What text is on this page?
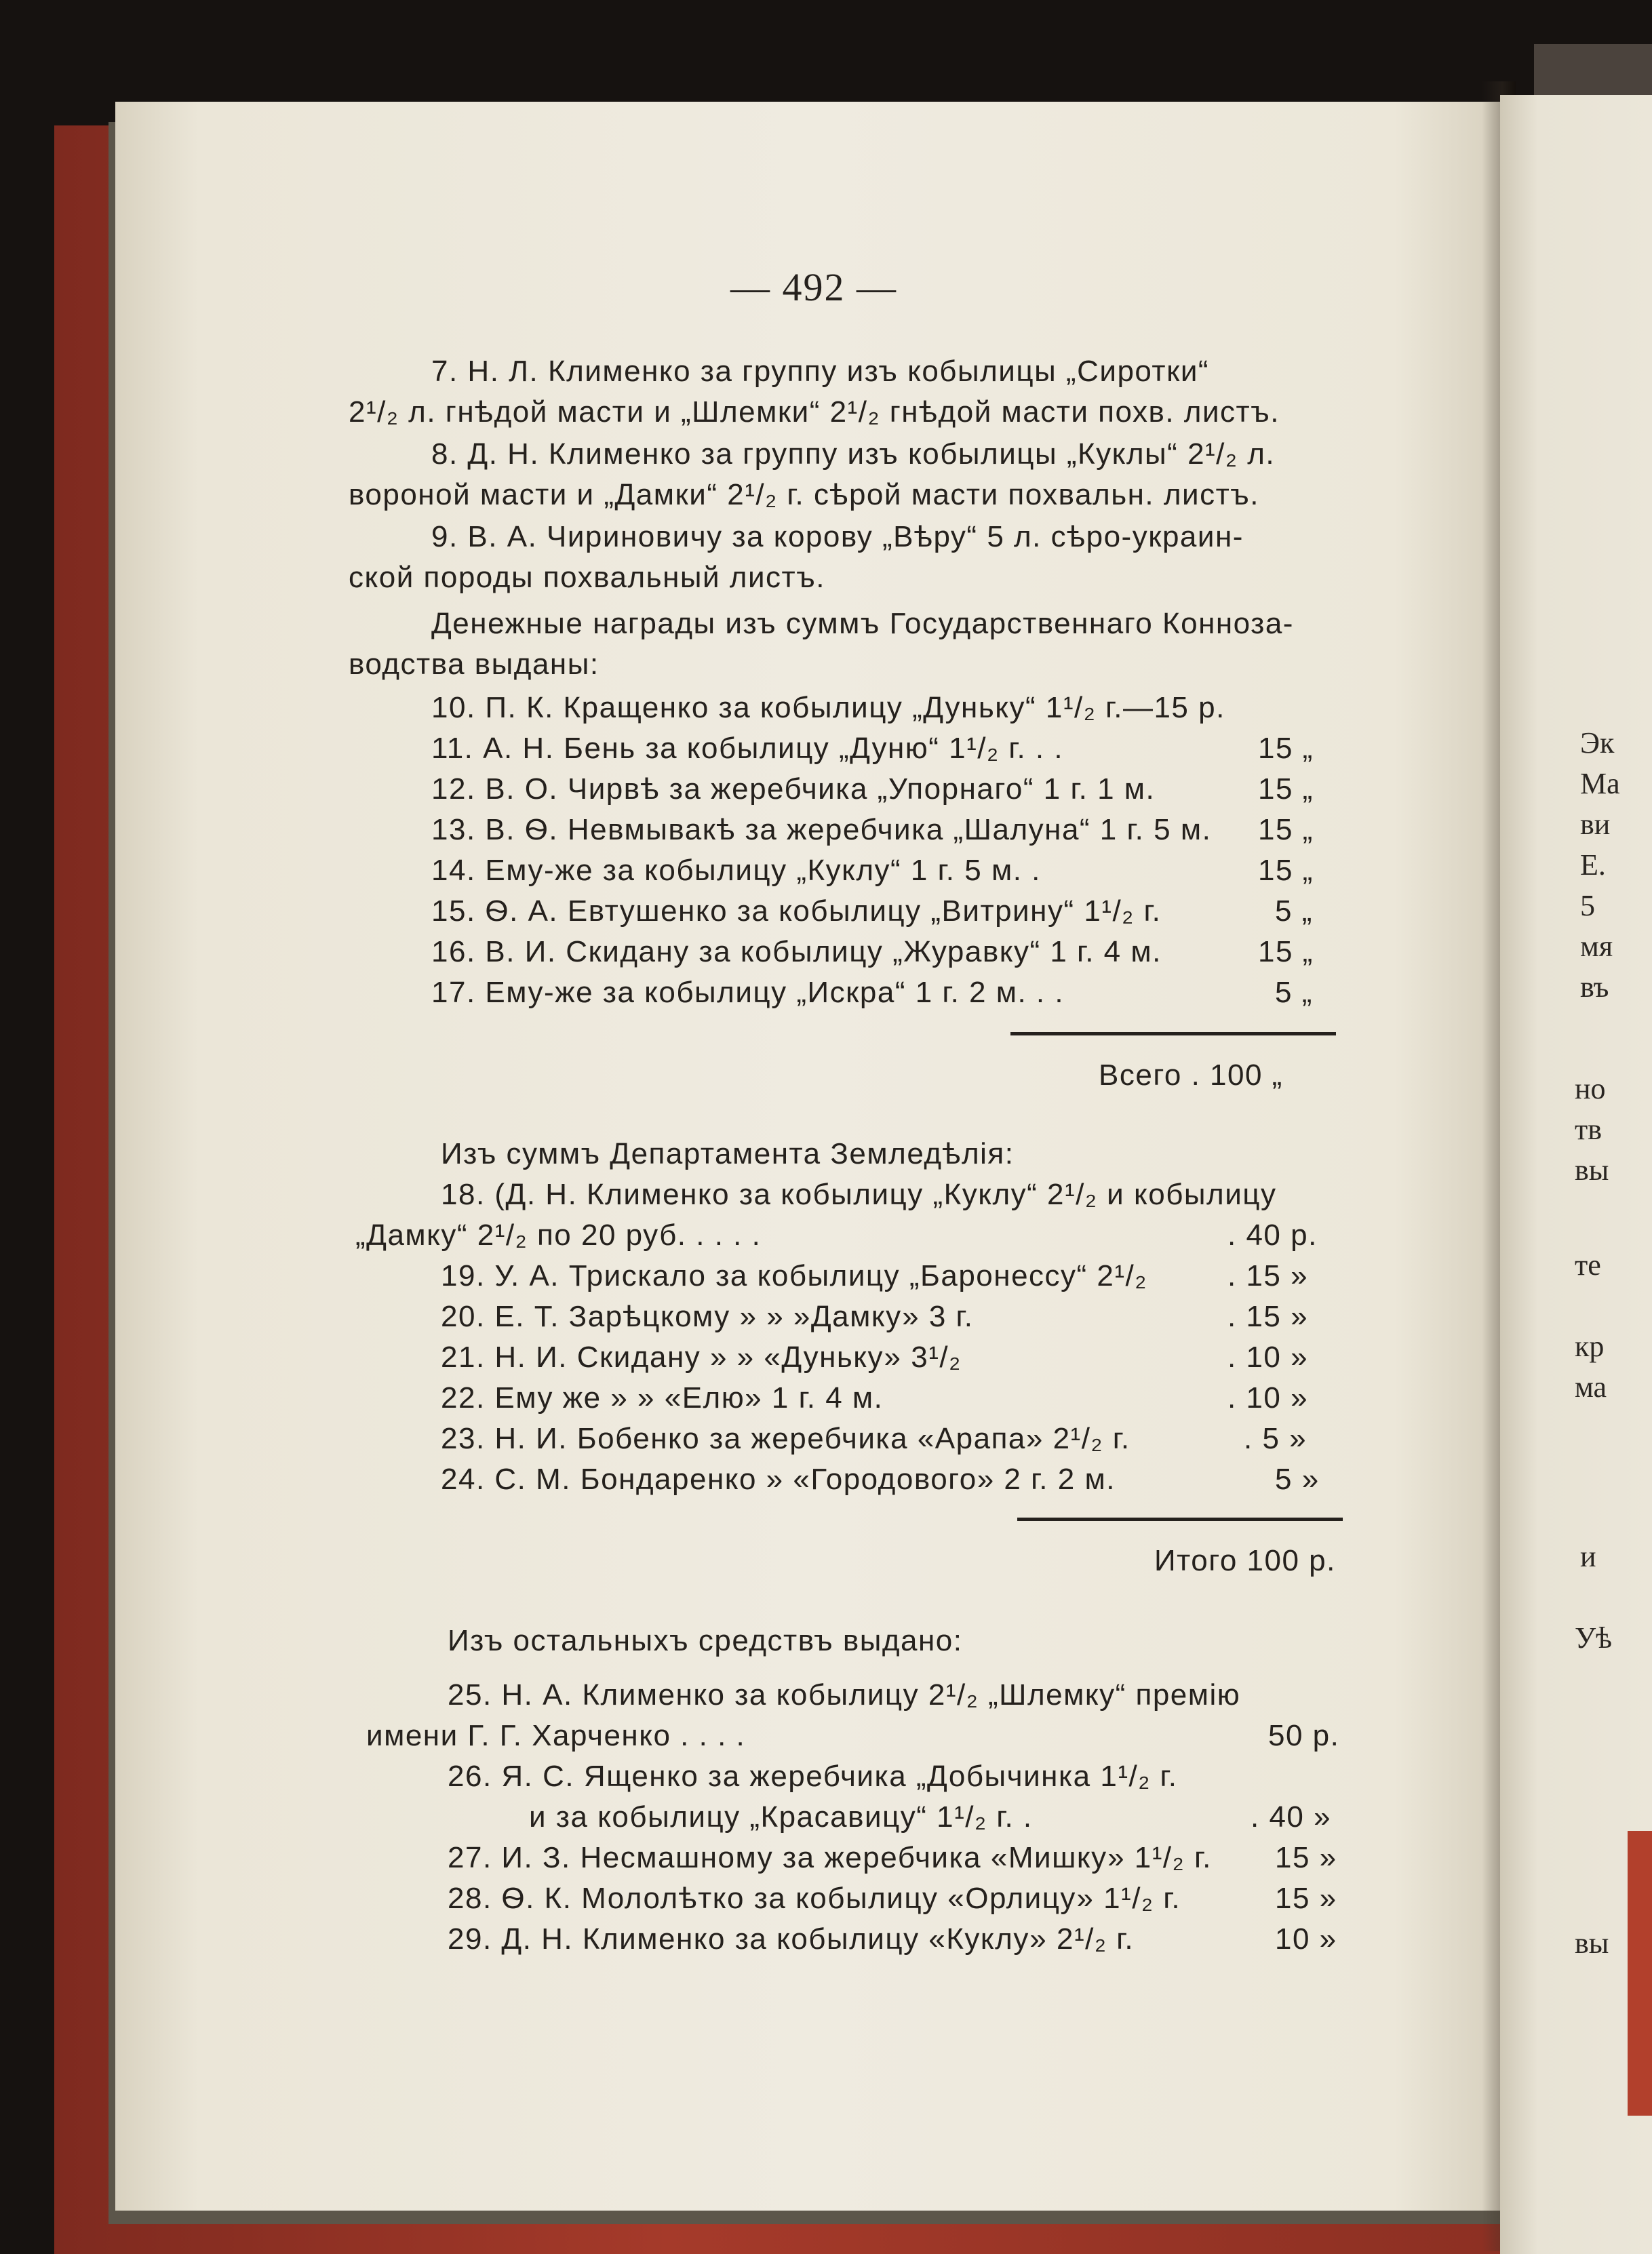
Эк
Ма
ви
Е.
5
мя
въ
но
тв
вы
те
кр
ма
и
Уѣ
вы
— 492 —
7. Н. Л. Клименко за группу изъ кобылицы „Сиротки“
2¹/₂ л. гнѣдой масти и „Шлемки“ 2¹/₂ гнѣдой масти похв. листъ.
8. Д. Н. Клименко за группу изъ кобылицы „Куклы“ 2¹/₂ л.
вороной масти и „Дамки“ 2¹/₂ г. сѣрой масти похвальн. листъ.
9. В. А. Чириновичу за корову „Вѣру“ 5 л. сѣро-украин-
ской породы похвальный листъ.
Денежные награды изъ суммъ Государственнаго Конноза-
водства выданы:
10. П. К. Кращенко за кобылицу „Дуньку“ 1¹/₂ г.—15 р.
11. А. Н. Бень за кобылицу „Дуню“ 1¹/₂ г. . .	15 „
12. В. О. Чирвѣ за жеребчика „Упорнаго“ 1 г. 1 м.	15 „
13. В. Ѳ. Невмывакѣ за жеребчика „Шалуна“ 1 г. 5 м. 15 „
14. Ему-же за кобылицу „Куклу“ 1 г. 5 м. .	15 „
15. Ѳ. А. Евтушенко за кобылицу „Витрину“ 1¹/₂ г.	5 „
16. В. И. Скидану за кобылицу „Журавку“ 1 г. 4 м.	15 „
17. Ему-же за кобылицу „Искра“ 1 г. 2 м. . .	5 „
Всего . 100 „
Изъ суммъ Департамента Земледѣлія:
18. (Д. Н. Клименко за кобылицу „Куклу“ 2¹/₂ и кобылицу
„Дамку“ 2¹/₂ по 20 руб. . . . .	. 40 р.
19. У. А. Трискало за кобылицу „Баронессу“ 2¹/₂	. 15 »
20. Е. Т. Зарѣцкому » » »Дамку» 3 г.	. 15 »
21. Н. И. Скидану » » «Дуньку» 3¹/₂	. 10 »
22. Ему же » » «Елю» 1 г. 4 м.	. 10 »
23. Н. И. Бобенко за жеребчика «Арапа» 2¹/₂ г.	. 5 »
24. С. М. Бондаренко » «Городового» 2 г. 2 м.	5 »
Итого 100 р.
Изъ остальныхъ средствъ выдано:
25. Н. А. Клименко за кобылицу 2¹/₂ „Шлемку“ премію
имени Г. Г. Харченко . . . .	50 р.
26. Я. С. Ященко за жеребчика „Добычинка 1¹/₂ г.
и за кобылицу „Красавицу“ 1¹/₂ г. .	. 40 »
27. И. З. Несмашному за жеребчика «Мишку» 1¹/₂ г. 15 »
28. Ѳ. К. Мололѣтко за кобылицу «Орлицу» 1¹/₂ г.	15 »
29. Д. Н. Клименко за кобылицу «Куклу» 2¹/₂ г.	10 »
